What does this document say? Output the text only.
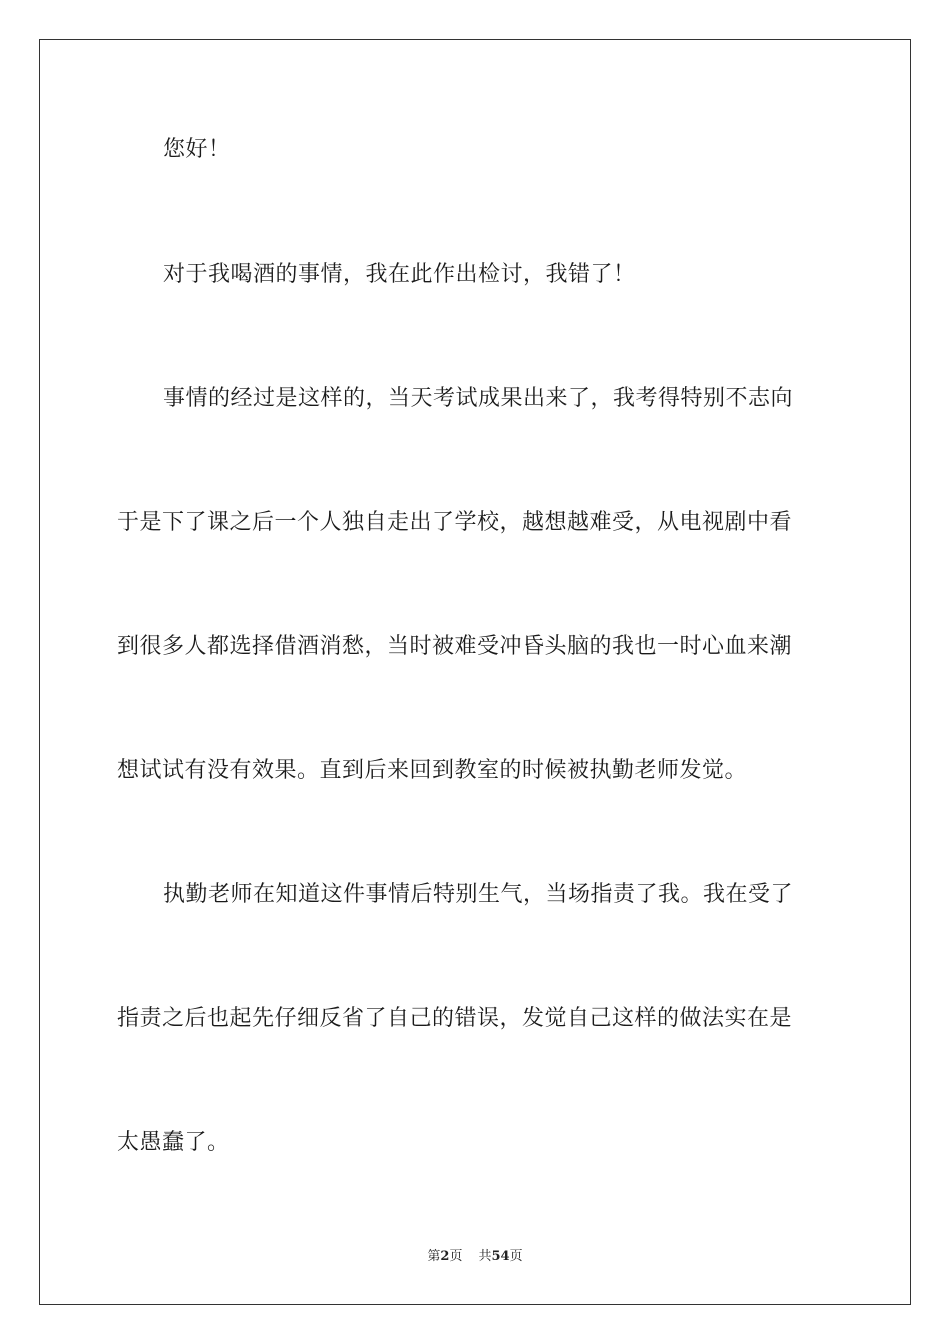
您好！
对于我喝酒的事情，我在此作出检讨，我错了！
事情的经过是这样的，当天考试成果出来了，我考得特别不志向
于是下了课之后一个人独自走出了学校，越想越难受，从电视剧中看
到很多人都选择借酒消愁，当时被难受冲昏头脑的我也一时心血来潮
想试试有没有效果。直到后来回到教室的时候被执勤老师发觉。
执勤老师在知道这件事情后特别生气，当场指责了我。我在受了
指责之后也起先仔细反省了自己的错误，发觉自己这样的做法实在是
太愚蠢了。
第2页 共54页
